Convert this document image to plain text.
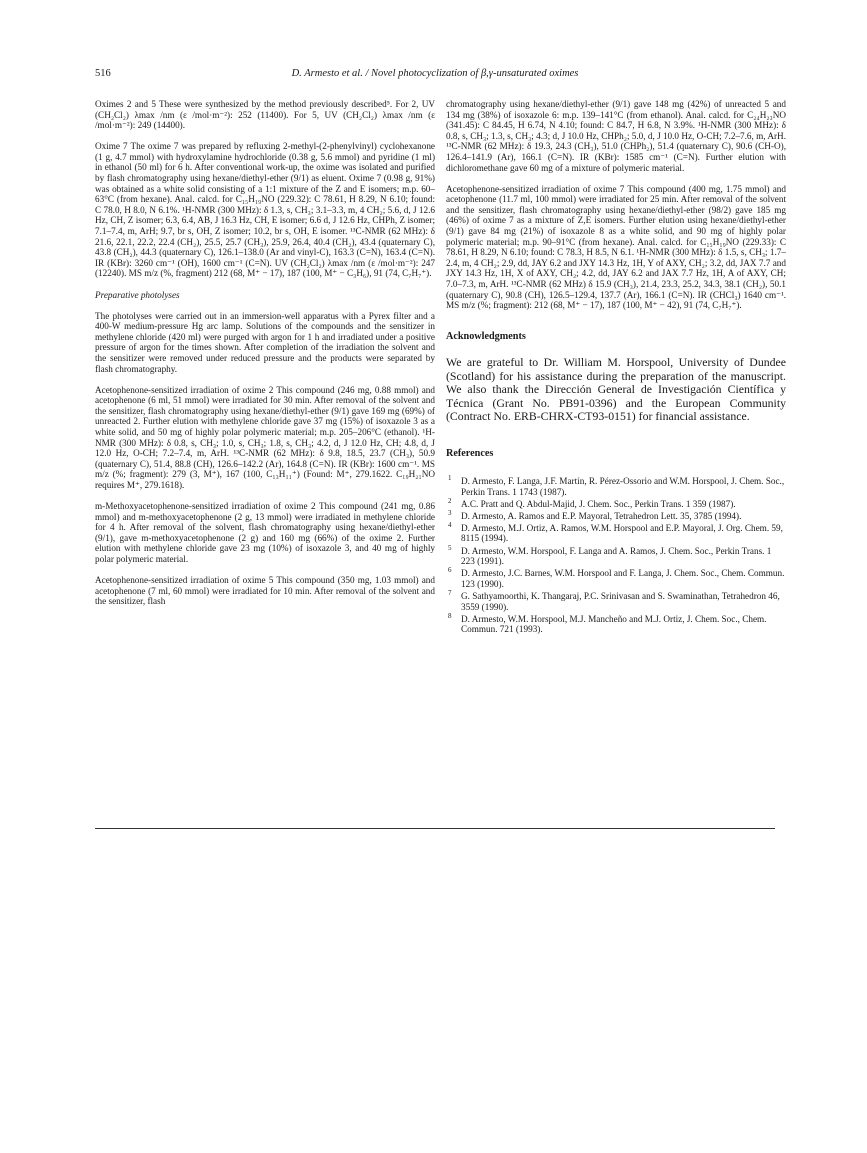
516	D. Armesto et al. / Novel photocyclization of β,γ-unsaturated oximes

Oximes 2 and 5 These were synthesized by the method previously described⁵. For 2, UV (CH₂Cl₂) λmax /nm (ε /mol·m⁻²): 252 (11400). For 5, UV (CH₂Cl₂) λmax /nm (ε /mol·m⁻²): 249 (14400).

Oxime 7 The oxime 7 was prepared by refluxing 2-methyl-(2-phenylvinyl) cyclohexanone (1 g, 4.7 mmol) with hydroxylamine hydrochloride (0.38 g, 5.6 mmol) and pyridine (1 ml) in ethanol (50 ml) for 6 h. After conventional work-up, the oxime was isolated and purified by flash chromatography using hexane/diethyl-ether (9/1) as eluent. Oxime 7 (0.98 g, 91%) was obtained as a white solid consisting of a 1:1 mixture of the Z and E isomers; m.p. 60–63°C (from hexane). Anal. calcd. for C₁₅H₁₉NO (229.32): C 78.61, H 8.29, N 6.10; found: C 78.0, H 8.0, N 6.1%. ¹H-NMR (300 MHz): δ 1.3, s, CH₃; 3.1–3.3, m, 4 CH₂; 5.6, d, J 12.6 Hz, CH, Z isomer; 6.3, 6.4, AB, J 16.3 Hz, CH, E isomer; 6.6 d, J 12.6 Hz, CHPh, Z isomer; 7.1–7.4, m, ArH; 9.7, br s, OH, Z isomer; 10.2, br s, OH, E isomer. ¹³C-NMR (62 MHz): δ 21.6, 22.1, 22.2, 22.4 (CH₂), 25.5, 25.7 (CH₃), 25.9, 26.4, 40.4 (CH₂), 43.4 (quaternary C), 43.8 (CH₂), 44.3 (quaternary C), 126.1–138.0 (Ar and vinyl-C), 163.3 (C=N), 163.4 (C=N). IR (KBr): 3260 cm⁻¹ (OH), 1600 cm⁻¹ (C=N). UV (CH₂Cl₂) λmax /nm (ε /mol·m⁻²): 247 (12240). MS m/z (%, fragment) 212 (68, M⁺ − 17), 187 (100, M⁺ − C₃H₆), 91 (74, C₇H₇⁺).

Preparative photolyses

The photolyses were carried out in an immersion-well apparatus with a Pyrex filter and a 400-W medium-pressure Hg arc lamp. Solutions of the compounds and the sensitizer in methylene chloride (420 ml) were purged with argon for 1 h and irradiated under a positive pressure of argon for the times shown. After completion of the irradiation the solvent and the sensitizer were removed under reduced pressure and the products were separated by flash chromatography.

Acetophenone-sensitized irradiation of oxime 2 This compound (246 mg, 0.88 mmol) and acetophenone (6 ml, 51 mmol) were irradiated for 30 min. After removal of the solvent and the sensitizer, flash chromatography using hexane/diethyl-ether (9/1) gave 169 mg (69%) of unreacted 2. Further elution with methylene chloride gave 37 mg (15%) of isoxazole 3 as a white solid, and 50 mg of highly polar polymeric material; m.p. 205–206°C (ethanol). ¹H-NMR (300 MHz): δ 0.8, s, CH₃; 1.0, s, CH₃; 1.8, s, CH₃; 4.2, d, J 12.0 Hz, CH; 4.8, d, J 12.0 Hz, O-CH; 7.2–7.4, m, ArH. ¹³C-NMR (62 MHz): δ 9.8, 18.5, 23.7 (CH₃), 50.9 (quaternary C), 51.4, 88.8 (CH), 126.6–142.2 (Ar), 164.8 (C=N). IR (KBr): 1600 cm⁻¹. MS m/z (%; fragment): 279 (3, M⁺), 167 (100, C₁₃H₁₁⁺) (Found: M⁺, 279.1622. C₁₉H₂₁NO requires M⁺, 279.1618).

m-Methoxyacetophenone-sensitized irradiation of oxime 2 This compound (241 mg, 0.86 mmol) and m-methoxyacetophenone (2 g, 13 mmol) were irradiated in methylene chloride for 4 h. After removal of the solvent, flash chromatography using hexane/diethyl-ether (9/1), gave m-methoxyacetophenone (2 g) and 160 mg (66%) of the oxime 2. Further elution with methylene chloride gave 23 mg (10%) of isoxazole 3, and 40 mg of highly polar polymeric material.

Acetophenone-sensitized irradiation of oxime 5 This compound (350 mg, 1.03 mmol) and acetophenone (7 ml, 60 mmol) were irradiated for 10 min. After removal of the solvent and the sensitizer, flash

chromatography using hexane/diethyl-ether (9/1) gave 148 mg (42%) of unreacted 5 and 134 mg (38%) of isoxazole 6: m.p. 139–141°C (from ethanol). Anal. calcd. for C₂₄H₂₃NO (341.45): C 84.45, H 6.74, N 4.10; found: C 84.7, H 6.8, N 3.9%. ¹H-NMR (300 MHz): δ 0.8, s, CH₃; 1.3, s, CH₃; 4.3; d, J 10.0 Hz, CHPh₂; 5.0, d, J 10.0 Hz, O-CH; 7.2–7.6, m, ArH. ¹³C-NMR (62 MHz): δ 19.3, 24.3 (CH₃), 51.0 (CHPh₂), 51.4 (quaternary C), 90.6 (CH-O), 126.4–141.9 (Ar), 166.1 (C=N). IR (KBr): 1585 cm⁻¹ (C=N). Further elution with dichloromethane gave 60 mg of a mixture of polymeric material.

Acetophenone-sensitized irradiation of oxime 7 This compound (400 mg, 1.75 mmol) and acetophenone (11.7 ml, 100 mmol) were irradiated for 25 min. After removal of the solvent and the sensitizer, flash chromatography using hexane/diethyl-ether (98/2) gave 185 mg (46%) of oxime 7 as a mixture of Z,E isomers. Further elution using hexane/diethyl-ether (9/1) gave 84 mg (21%) of isoxazole 8 as a white solid, and 90 mg of highly polar polymeric material; m.p. 90–91°C (from hexane). Anal. calcd. for C₁₅H₁₉NO (229.33): C 78.61, H 8.29, N 6.10; found: C 78.3, H 8.5, N 6.1. ¹H-NMR (300 MHz): δ 1.5, s, CH₃; 1.7–2.4, m, 4 CH₂; 2.9, dd, JAY 6.2 and JXY 14.3 Hz, 1H, Y of AXY, CH₂; 3.2, dd, JAX 7.7 and JXY 14.3 Hz, 1H, X of AXY, CH₂; 4.2, dd, JAY 6.2 and JAX 7.7 Hz, 1H, A of AXY, CH; 7.0–7.3, m, ArH. ¹³C-NMR (62 MHz) δ 15.9 (CH₃), 21.4, 23.3, 25.2, 34.3, 38.1 (CH₂), 50.1 (quaternary C), 90.8 (CH), 126.5–129.4, 137.7 (Ar), 166.1 (C=N). IR (CHCl₃) 1640 cm⁻¹. MS m/z (%; fragment): 212 (68, M⁺ − 17), 187 (100, M⁺ − 42), 91 (74, C₇H₇⁺).

Acknowledgments
We are grateful to Dr. William M. Horspool, University of Dundee (Scotland) for his assistance during the preparation of the manuscript. We also thank the Dirección General de Investigación Científica y Técnica (Grant No. PB91-0396) and the European Community (Contract No. ERB-CHRX-CT93-0151) for financial assistance.
References
1 D. Armesto, F. Langa, J.F. Martín, R. Pérez-Ossorio and W.M. Horspool, J. Chem. Soc., Perkin Trans. 1 1743 (1987).
2 A.C. Pratt and Q. Abdul-Majid, J. Chem. Soc., Perkin Trans. 1 359 (1987).
3 D. Armesto, A. Ramos and E.P. Mayoral, Tetrahedron Lett. 35, 3785 (1994).
4 D. Armesto, M.J. Ortiz, A. Ramos, W.M. Horspool and E.P. Mayoral, J. Org. Chem. 59, 8115 (1994).
5 D. Armesto, W.M. Horspool, F. Langa and A. Ramos, J. Chem. Soc., Perkin Trans. 1 223 (1991).
6 D. Armesto, J.C. Barnes, W.M. Horspool and F. Langa, J. Chem. Soc., Chem. Commun. 123 (1990).
7 G. Sathyamoorthi, K. Thangaraj, P.C. Srinivasan and S. Swaminathan, Tetrahedron 46, 3559 (1990).
8 D. Armesto, W.M. Horspool, M.J. Mancheño and M.J. Ortiz, J. Chem. Soc., Chem. Commun. 721 (1993).
